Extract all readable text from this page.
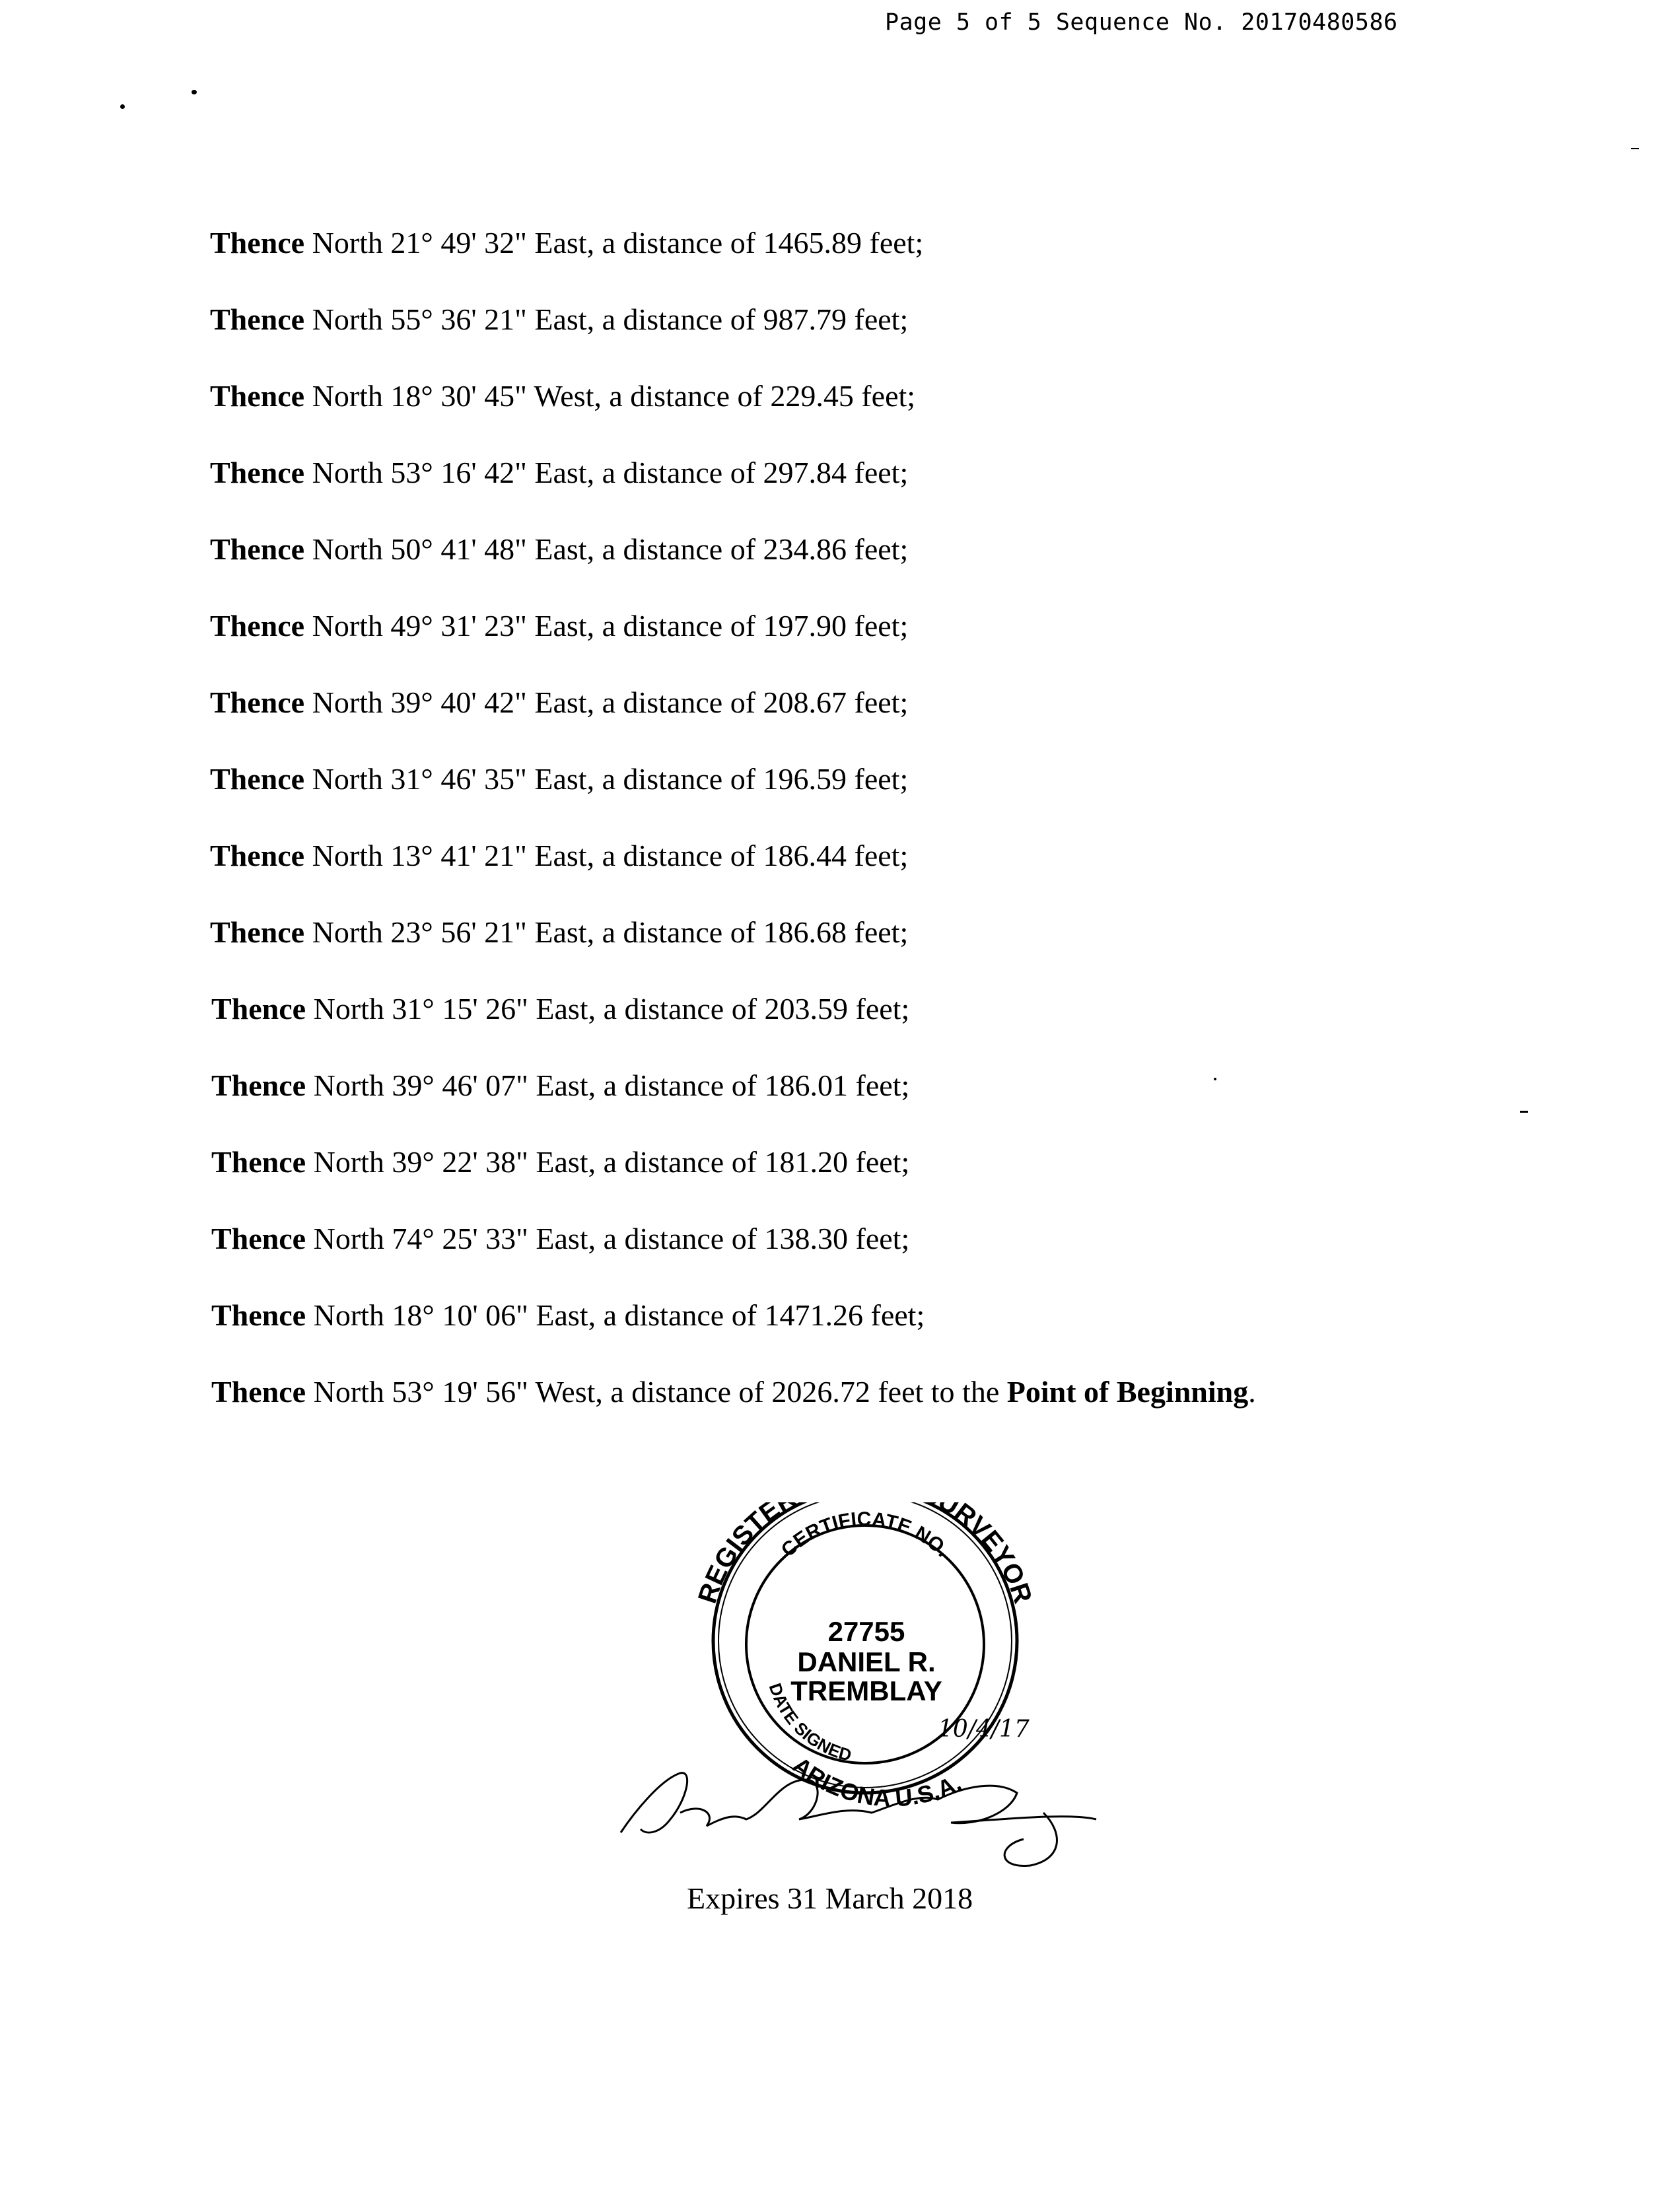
Page 5 of 5 Sequence No. 20170480586
Thence North 21° 49' 32" East, a distance of 1465.89 feet;
Thence North 55° 36' 21" East, a distance of 987.79 feet;
Thence North 18° 30' 45" West, a distance of 229.45 feet;
Thence North 53° 16' 42" East, a distance of 297.84 feet;
Thence North 50° 41' 48" East, a distance of 234.86 feet;
Thence North 49° 31' 23" East, a distance of 197.90 feet;
Thence North 39° 40' 42" East, a distance of 208.67 feet;
Thence North 31° 46' 35" East, a distance of 196.59 feet;
Thence North 13° 41' 21" East, a distance of 186.44 feet;
Thence North 23° 56' 21" East, a distance of 186.68 feet;
Thence North 31° 15' 26" East, a distance of 203.59 feet;
Thence North 39° 46' 07" East, a distance of 186.01 feet;
Thence North 39° 22' 38" East, a distance of 181.20 feet;
Thence North 74° 25' 33" East, a distance of 138.30 feet;
Thence North 18° 10' 06" East, a distance of 1471.26 feet;
Thence North 53° 19' 56" West, a distance of 2026.72 feet to the Point of Beginning.
REGISTE URVEYOR
CERTIFICATE NO.
27755
DANIEL R.
TREMBLAY
DATE SIGNED
10/4/17
ARIZONA U.S.A.
Expires 31 March 2018
